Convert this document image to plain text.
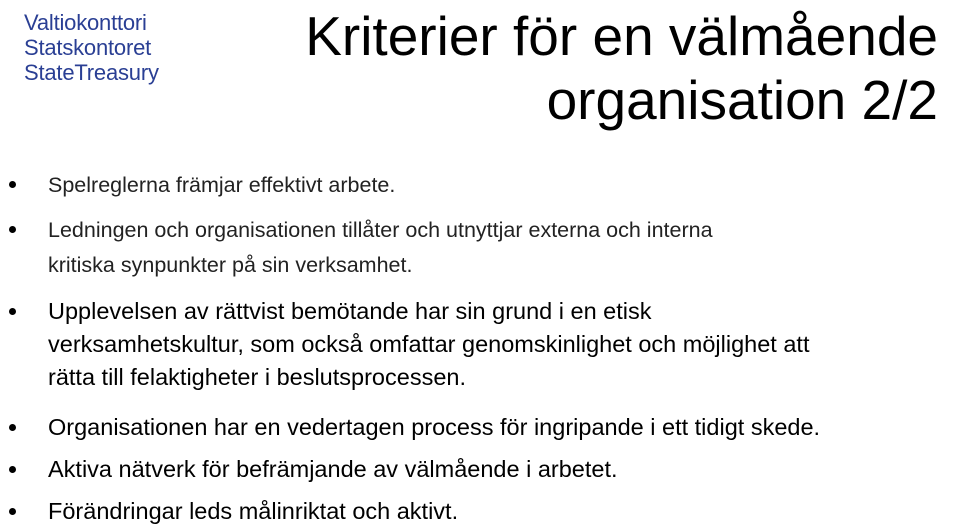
Valtiokonttori
Statskontoret
StateTreasury
Kriterier för en välmående
organisation 2/2
Spelreglerna främjar effektivt arbete.
Ledningen och organisationen tillåter och utnyttjar externa och interna
kritiska synpunkter på sin verksamhet.
Upplevelsen av rättvist bemötande har sin grund i en etisk
verksamhetskultur, som också omfattar genomskinlighet och möjlighet att
rätta till felaktigheter i beslutsprocessen.
Organisationen har en vedertagen process för ingripande i ett tidigt skede.
Aktiva nätverk för befrämjande av välmående i arbetet.
Förändringar leds målinriktat och aktivt.
